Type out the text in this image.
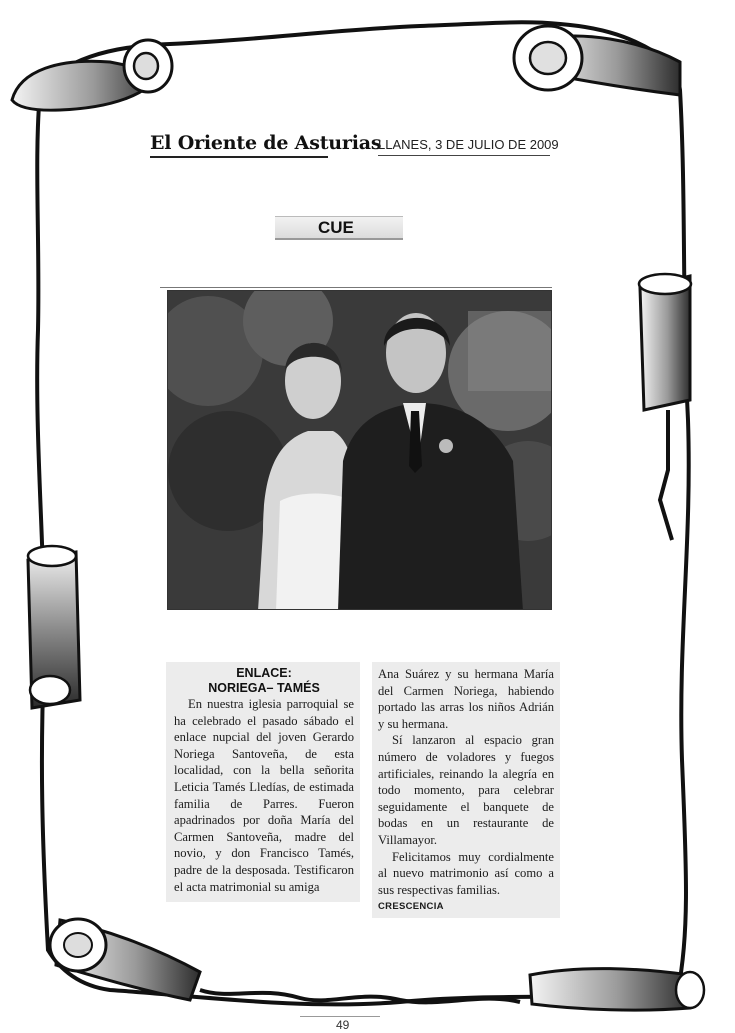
El Oriente de Asturias
LLANES, 3 DE JULIO DE 2009
CUE
ENLACE:
NORIEGA– TAMÉS

En nuestra iglesia parroquial se ha celebrado el pasado sábado el enlace nupcial del joven Gerardo Noriega Santoveña, de esta localidad, con la bella señorita Leticia Tamés Lledías, de estimada familia de Parres. Fueron apadrinados por doña María del Carmen Santoveña, madre del novio, y don Francisco Tamés, padre de la desposada. Testificaron el acta matrimonial su amiga

Ana Suárez y su hermana María del Carmen Noriega, habiendo portado las arras los niños Adrián y su hermana.

Sí lanzaron al espacio gran número de voladores y fuegos artificiales, reinando la alegría en todo momento, para celebrar seguidamente el banquete de bodas en un restaurante de Villamayor.

Felicitamos muy cordialmente al nuevo matrimonio así como a sus respectivas familias.

CRESCENCIA
49
